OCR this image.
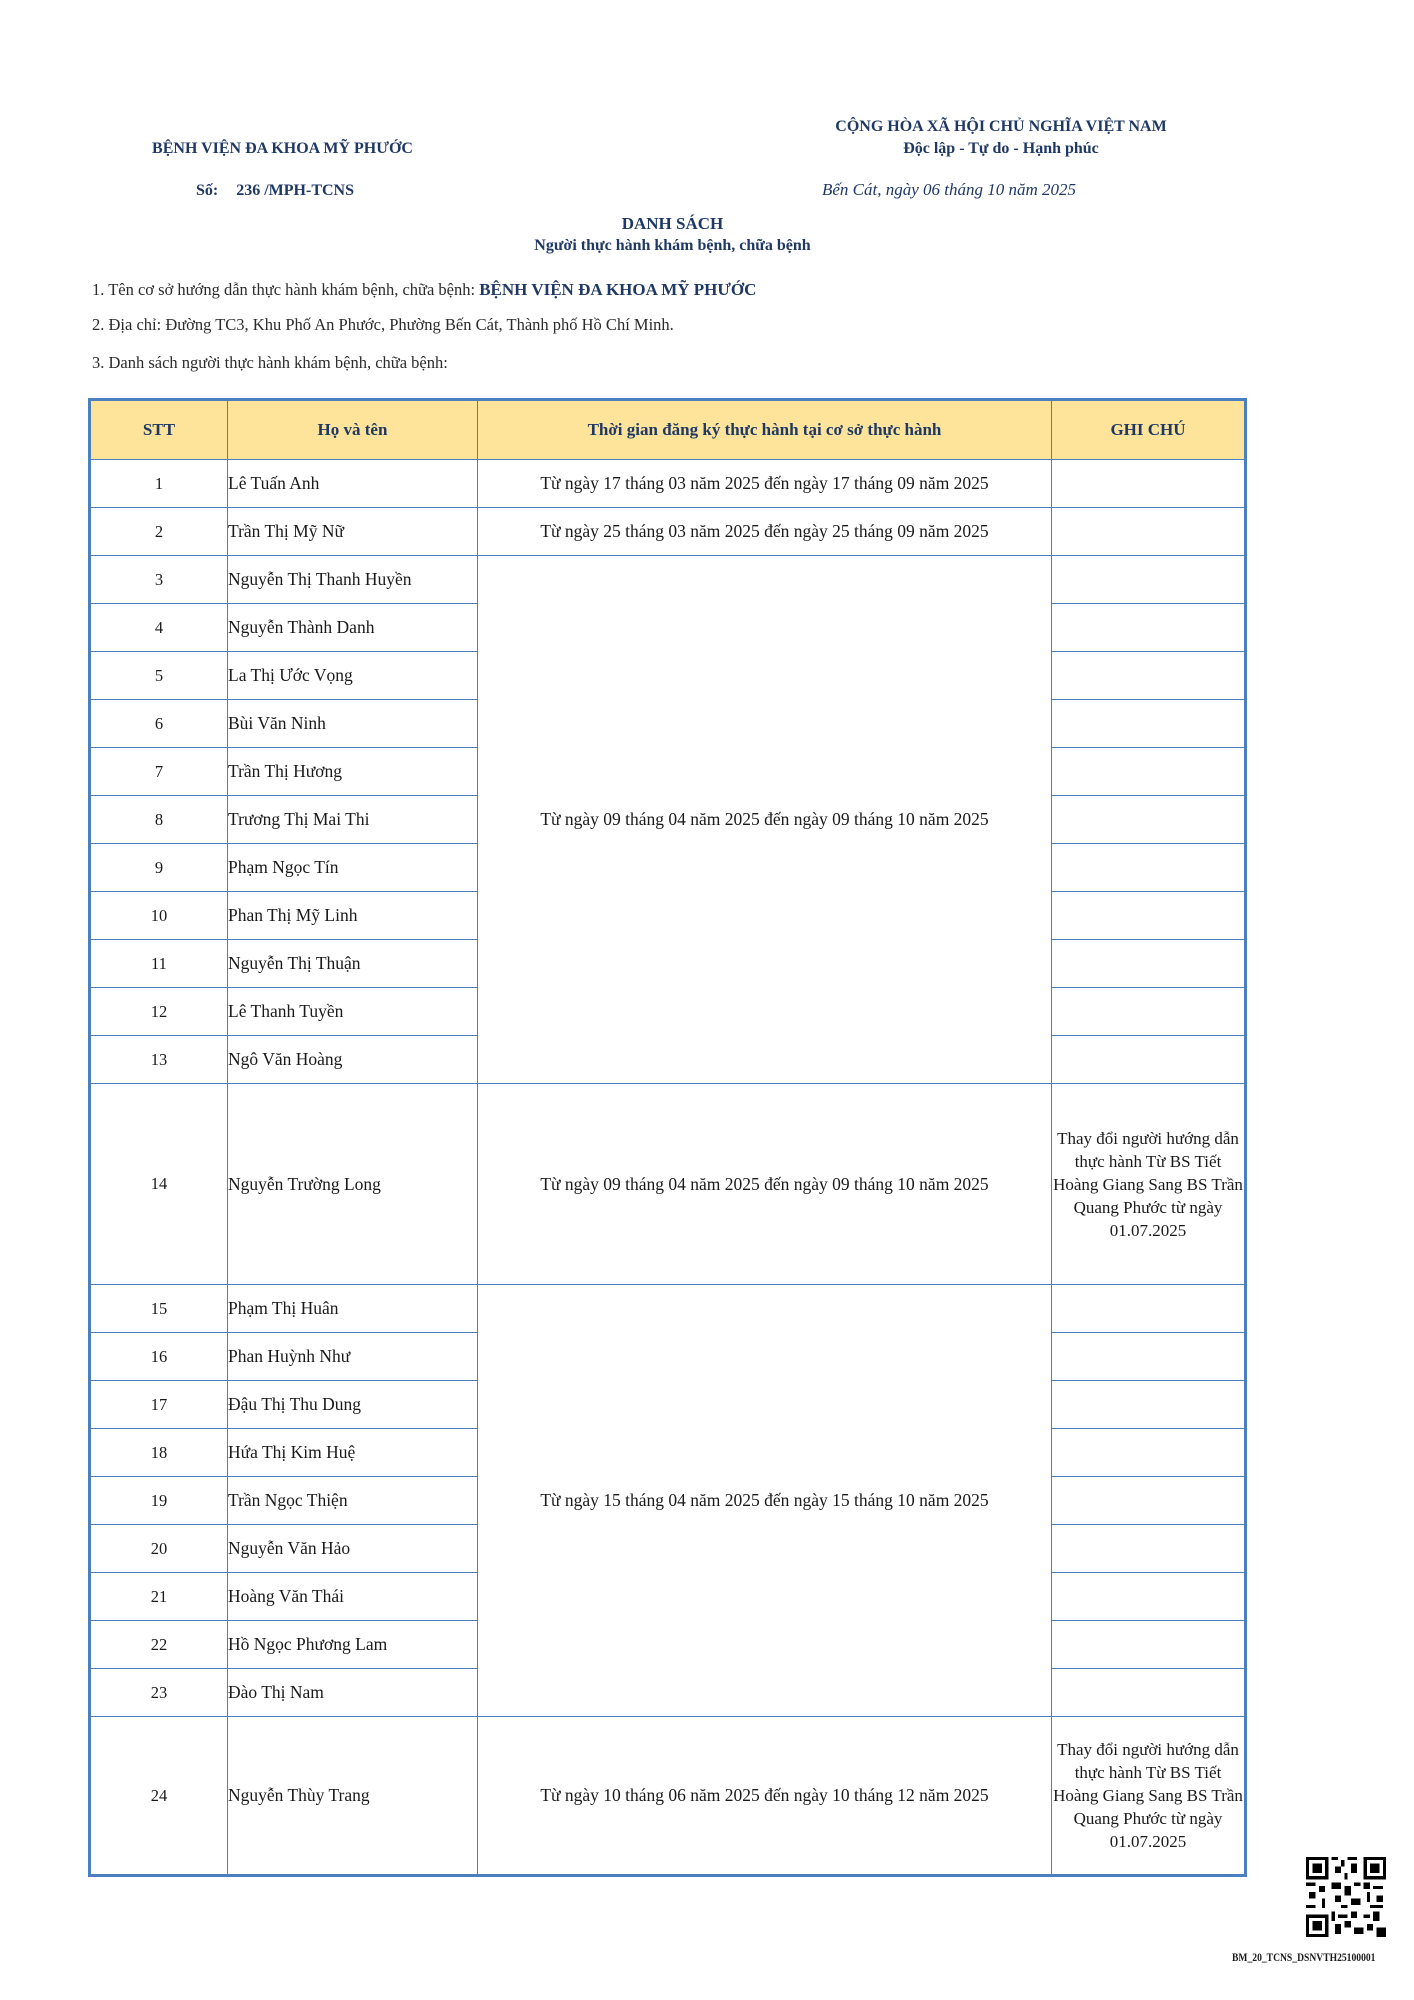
BỆNH VIỆN ĐA KHOA MỸ PHƯỚC
CỘNG HÒA XÃ HỘI CHỦ NGHĨA VIỆT NAM
Độc lập - Tự do - Hạnh phúc
Số: 236 /MPH-TCNS	Bến Cát, ngày 06 tháng 10 năm 2025
DANH SÁCH
Người thực hành khám bệnh, chữa bệnh
1. Tên cơ sở hướng dẫn thực hành khám bệnh, chữa bệnh: BỆNH VIỆN ĐA KHOA MỸ PHƯỚC
2. Địa chỉ: Đường TC3, Khu Phố An Phước, Phường Bến Cát, Thành phố Hồ Chí Minh.
3. Danh sách người thực hành khám bệnh, chữa bệnh:
STT	Họ và tên	Thời gian đăng ký thực hành tại cơ sở thực hành	GHI CHÚ
1	Lê Tuấn Anh	Từ ngày 17 tháng 03 năm 2025 đến ngày 17 tháng 09 năm 2025	
2	Trần Thị Mỹ Nữ	Từ ngày 25 tháng 03 năm 2025 đến ngày 25 tháng 09 năm 2025	
3	Nguyễn Thị Thanh Huyền	Từ ngày 09 tháng 04 năm 2025 đến ngày 09 tháng 10 năm 2025	
4	Nguyễn Thành Danh		
5	La Thị Ước Vọng		
6	Bùi Văn Ninh		
7	Trần Thị Hương		
8	Trương Thị Mai Thi		
9	Phạm Ngọc Tín		
10	Phan Thị Mỹ Linh		
11	Nguyễn Thị Thuận		
12	Lê Thanh Tuyền		
13	Ngô Văn Hoàng		
14	Nguyễn Trường Long	Từ ngày 09 tháng 04 năm 2025 đến ngày 09 tháng 10 năm 2025	Thay đổi người hướng dẫn thực hành Từ BS Tiết Hoàng Giang Sang BS Trần Quang Phước từ ngày 01.07.2025
15	Phạm Thị Huân	Từ ngày 15 tháng 04 năm 2025 đến ngày 15 tháng 10 năm 2025	
16	Phan Huỳnh Như		
17	Đậu Thị Thu Dung		
18	Hứa Thị Kim Huệ		
19	Trần Ngọc Thiện		
20	Nguyễn Văn Hảo		
21	Hoàng Văn Thái		
22	Hồ Ngọc Phương Lam		
23	Đào Thị Nam		
24	Nguyễn Thùy Trang	Từ ngày 10 tháng 06 năm 2025 đến ngày 10 tháng 12 năm 2025	Thay đổi người hướng dẫn thực hành Từ BS Tiết Hoàng Giang Sang BS Trần Quang Phước từ ngày 01.07.2025
BM_20_TCNS_DSNVTH25100001
